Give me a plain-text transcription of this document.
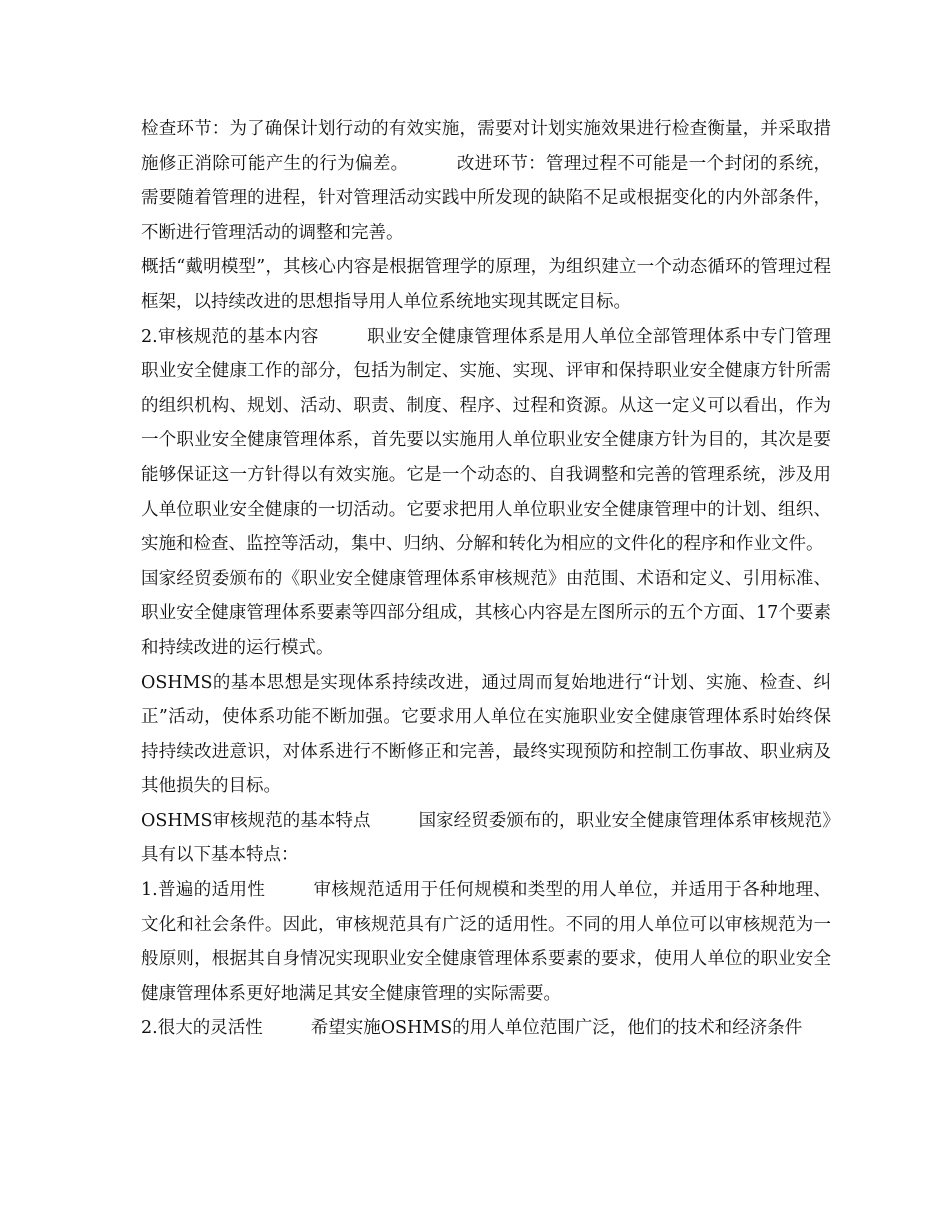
检查环节：为了确保计划行动的有效实施，需要对计划实施效果进行检查衡量，并采取措施修正消除可能产生的行为偏差。	改进环节：管理过程不可能是一个封闭的系统，需要随着管理的进程，针对管理活动实践中所发现的缺陷不足或根据变化的内外部条件，不断进行管理活动的调整和完善。

概括“戴明模型”，其核心内容是根据管理学的原理，为组织建立一个动态循环的管理过程框架，以持续改进的思想指导用人单位系统地实现其既定目标。

2.审核规范的基本内容	职业安全健康管理体系是用人单位全部管理体系中专门管理职业安全健康工作的部分，包括为制定、实施、实现、评审和保持职业安全健康方针所需的组织机构、规划、活动、职责、制度、程序、过程和资源。从这一定义可以看出，作为一个职业安全健康管理体系，首先要以实施用人单位职业安全健康方针为目的，其次是要能够保证这一方针得以有效实施。它是一个动态的、自我调整和完善的管理系统，涉及用人单位职业安全健康的一切活动。它要求把用人单位职业安全健康管理中的计划、组织、实施和检查、监控等活动，集中、归纳、分解和转化为相应的文件化的程序和作业文件。

国家经贸委颁布的《职业安全健康管理体系审核规范》由范围、术语和定义、引用标准、职业安全健康管理体系要素等四部分组成，其核心内容是左图所示的五个方面、17个要素和持续改进的运行模式。

OSHMS的基本思想是实现体系持续改进，通过周而复始地进行“计划、实施、检查、纠正”活动，使体系功能不断加强。它要求用人单位在实施职业安全健康管理体系时始终保持持续改进意识，对体系进行不断修正和完善，最终实现预防和控制工伤事故、职业病及其他损失的目标。

OSHMS审核规范的基本特点	国家经贸委颁布的，职业安全健康管理体系审核规范》具有以下基本特点：

1.普遍的适用性	审核规范适用于任何规模和类型的用人单位，并适用于各种地理、文化和社会条件。因此，审核规范具有广泛的适用性。不同的用人单位可以审核规范为一般原则，根据其自身情况实现职业安全健康管理体系要素的要求，使用人单位的职业安全健康管理体系更好地满足其安全健康管理的实际需要。

2.很大的灵活性	希望实施OSHMS的用人单位范围广泛，他们的技术和经济条件
